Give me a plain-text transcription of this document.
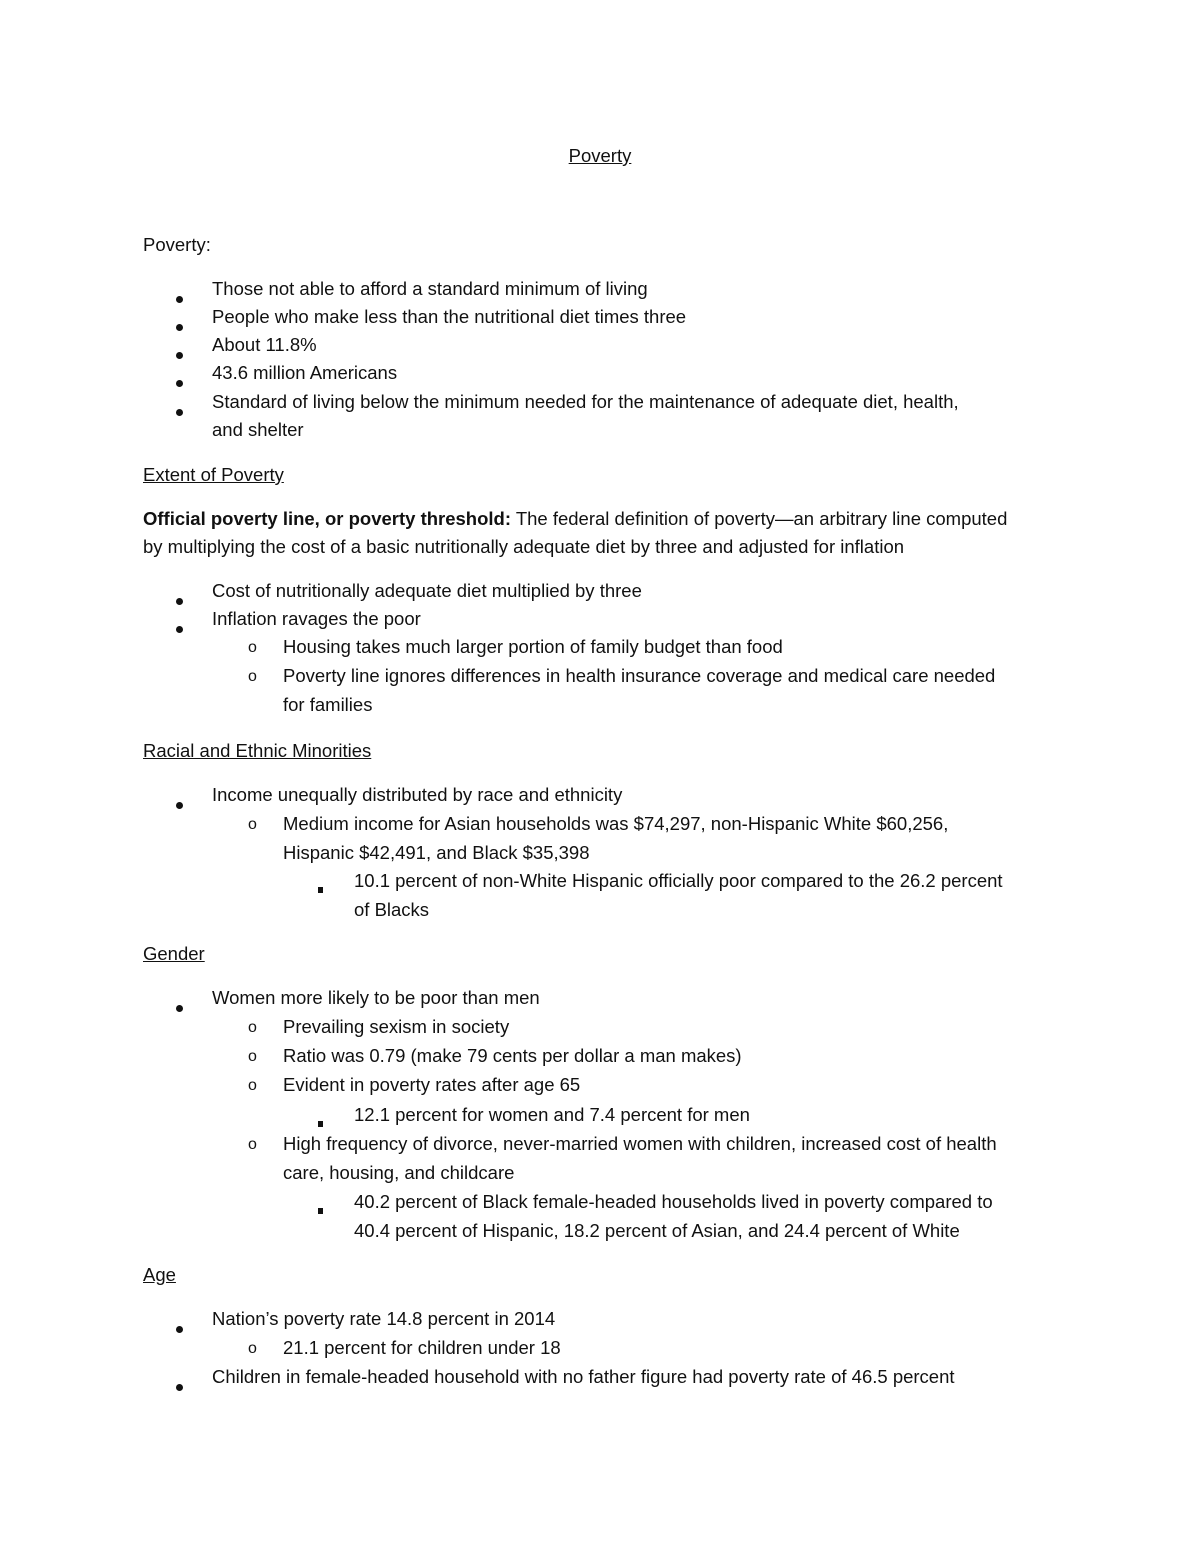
Poverty
Poverty:
Those not able to afford a standard minimum of living
People who make less than the nutritional diet times three
About 11.8%
43.6 million Americans
Standard of living below the minimum needed for the maintenance of adequate diet, health,
and shelter
Extent of Poverty
Official poverty line, or poverty threshold: The federal definition of poverty—an arbitrary line computed
by multiplying the cost of a basic nutritionally adequate diet by three and adjusted for inflation
Cost of nutritionally adequate diet multiplied by three
Inflation ravages the poor
o Housing takes much larger portion of family budget than food
o Poverty line ignores differences in health insurance coverage and medical care needed
for families
Racial and Ethnic Minorities
Income unequally distributed by race and ethnicity
o Medium income for Asian households was $74,297, non-Hispanic White $60,256,
Hispanic $42,491, and Black $35,398
10.1 percent of non-White Hispanic officially poor compared to the 26.2 percent
of Blacks
Gender
Women more likely to be poor than men
o Prevailing sexism in society
o Ratio was 0.79 (make 79 cents per dollar a man makes)
o Evident in poverty rates after age 65
12.1 percent for women and 7.4 percent for men
o High frequency of divorce, never-married women with children, increased cost of health
care, housing, and childcare
40.2 percent of Black female-headed households lived in poverty compared to
40.4 percent of Hispanic, 18.2 percent of Asian, and 24.4 percent of White
Age
Nation’s poverty rate 14.8 percent in 2014
o 21.1 percent for children under 18
Children in female-headed household with no father figure had poverty rate of 46.5 percent
